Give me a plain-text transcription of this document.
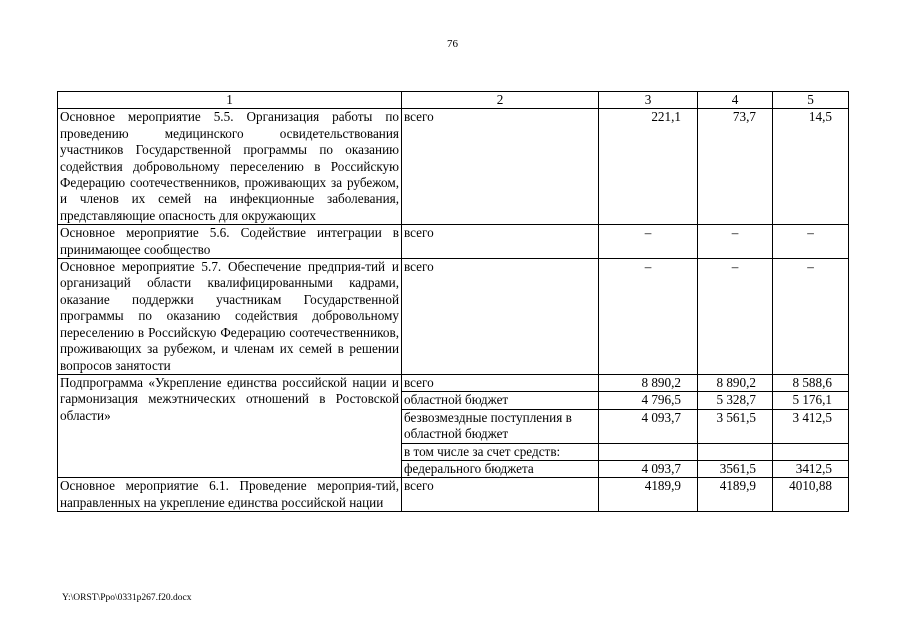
76
1	2	3	4	5
Основное мероприятие 5.5. Организация работы по проведению медицинского освидетельствования участников Государственной программы по оказанию содействия добровольному переселению в Российскую Федерацию соотечественников, проживающих за рубежом, и членов их семей на инфекционные заболевания, представляющие опасность для окружающих	всего	221,1	73,7	14,5
Основное мероприятие 5.6. Содействие интеграции в принимающее сообщество	всего	–	–	–
Основное мероприятие 5.7. Обеспечение предприя-тий и организаций области квалифицированными кадрами, оказание поддержки участникам Государственной программы по оказанию содействия добровольному переселению в Российскую Федерацию соотечественников, проживающих за рубежом, и членам их семей в решении вопросов занятости	всего	–	–	–
Подпрограмма «Укрепление единства российской нации и гармонизация межэтнических отношений в Ростовской области»	всего	8 890,2	8 890,2	8 588,6
	областной бюджет	4 796,5	5 328,7	5 176,1
	безвозмездные поступления в областной бюджет	4 093,7	3 561,5	3 412,5
	в том числе за счет средств:			
	федерального бюджета	4 093,7	3561,5	3412,5
Основное мероприятие 6.1. Проведение мероприя-тий, направленных на укрепление единства российской нации	всего	4189,9	4189,9	4010,88
Y:\ORST\Ppo\0331p267.f20.docx
